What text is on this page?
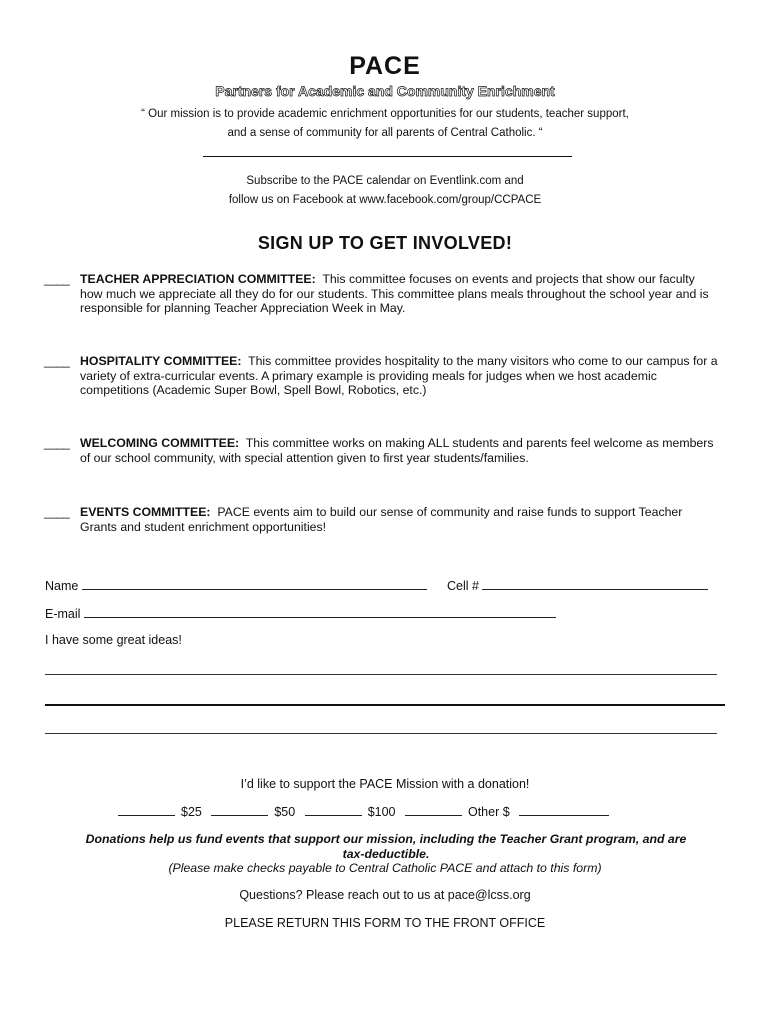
PACE
Partners for Academic and Community Enrichment
“ Our mission is to provide academic enrichment opportunities for our students, teacher support,
and a sense of community for all parents of Central Catholic. “
Subscribe to the PACE calendar on Eventlink.com and
follow us on Facebook at www.facebook.com/group/CCPACE
SIGN UP TO GET INVOLVED!
____ TEACHER APPRECIATION COMMITTEE: This committee focuses on events and projects that show our faculty how much we appreciate all they do for our students. This committee plans meals throughout the school year and is responsible for planning Teacher Appreciation Week in May.
____ HOSPITALITY COMMITTEE: This committee provides hospitality to the many visitors who come to our campus for a variety of extra-curricular events. A primary example is providing meals for judges when we host academic competitions (Academic Super Bowl, Spell Bowl, Robotics, etc.)
____ WELCOMING COMMITTEE: This committee works on making ALL students and parents feel welcome as members of our school community, with special attention given to first year students/families.
____ EVENTS COMMITTEE: PACE events aim to build our sense of community and raise funds to support Teacher Grants and student enrichment opportunities!
Name	Cell #
E-mail
I have some great ideas!
I’d like to support the PACE Mission with a donation!
$25	$50	$100	Other $
Donations help us fund events that support our mission, including the Teacher Grant program, and are tax-deductible.
(Please make checks payable to Central Catholic PACE and attach to this form)
Questions? Please reach out to us at pace@lcss.org
PLEASE RETURN THIS FORM TO THE FRONT OFFICE
